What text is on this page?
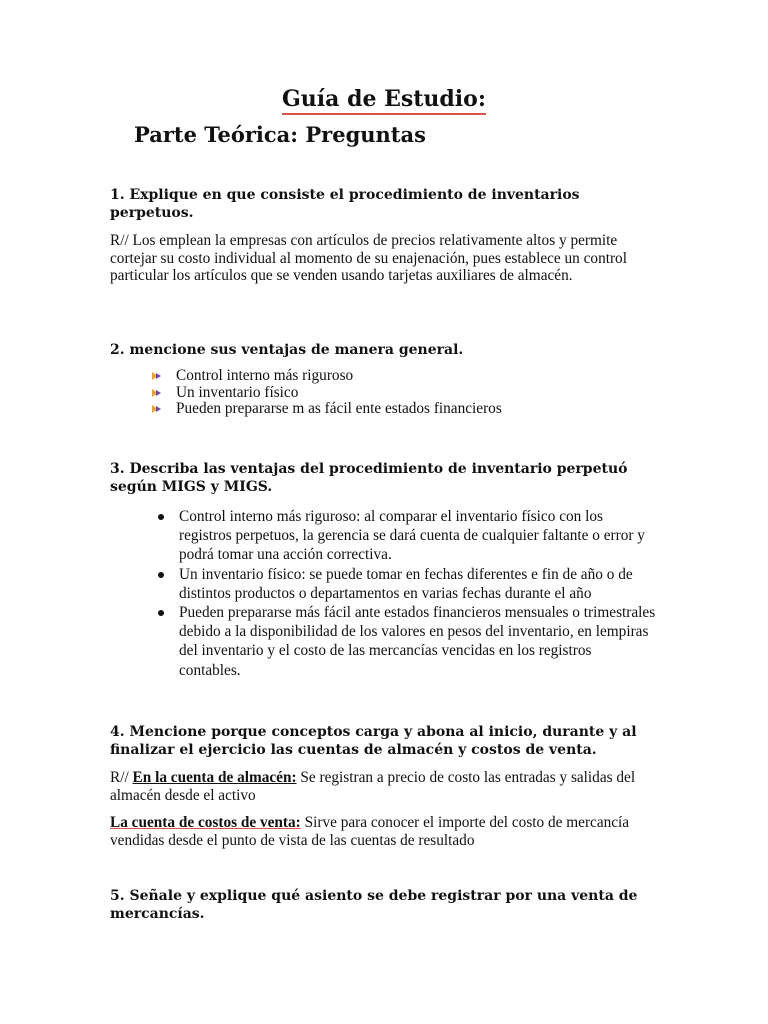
Guía de Estudio:
Parte Teórica: Preguntas
1. Explique en que consiste el procedimiento de inventarios perpetuos.
R// Los emplean la empresas con artículos de precios relativamente altos y permite cortejar su costo individual al momento de su enajenación, pues establece un control particular los artículos que se venden usando tarjetas auxiliares de almacén.
2. mencione sus ventajas de manera general.
Control interno más riguroso
Un inventario físico
Pueden prepararse m as fácil ente estados financieros
3. Describa las ventajas del procedimiento de inventario perpetuó según MIGS y MIGS.
Control interno más riguroso: al comparar el inventario físico con los registros perpetuos, la gerencia se dará cuenta de cualquier faltante o error y podrá tomar una acción correctiva.
Un inventario físico: se puede tomar en fechas diferentes e fin de año o de distintos productos o departamentos en varias fechas durante el año
Pueden prepararse más fácil ante estados financieros mensuales o trimestrales debido a la disponibilidad de los valores en pesos del inventario, en lempiras del inventario y el costo de las mercancías vencidas en los registros contables.
4. Mencione porque conceptos carga y abona al inicio, durante y al finalizar el ejercicio las cuentas de almacén y costos de venta.
R// En la cuenta de almacén: Se registran a precio de costo las entradas y salidas del almacén desde el activo
La cuenta de costos de venta: Sirve para conocer el importe del costo de mercancía vendidas desde el punto de vista de las cuentas de resultado
5. Señale y explique qué asiento se debe registrar por una venta de mercancías.
